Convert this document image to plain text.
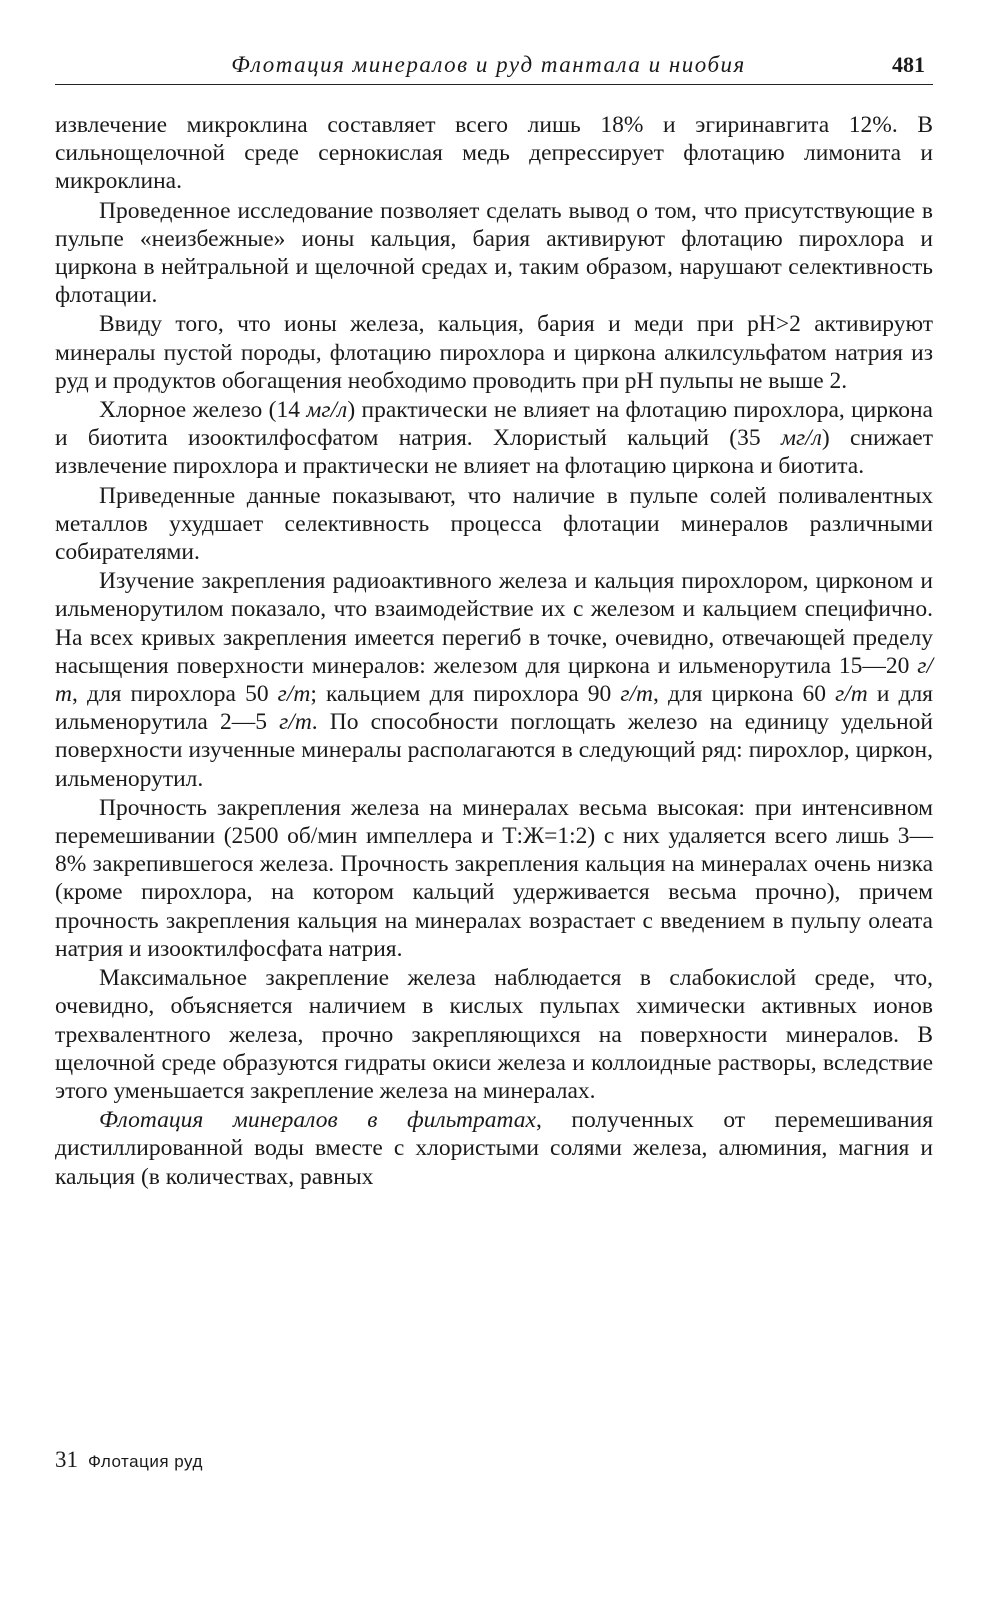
Флотация минералов и руд тантала и ниобия	481

извлечение микроклина составляет всего лишь 18% и эгиринавгита 12%. В сильнощелочной среде сернокислая медь депрессирует флотацию лимонита и микроклина.

Проведенное исследование позволяет сделать вывод о том, что присутствующие в пульпе «неизбежные» ионы кальция, бария активируют флотацию пирохлора и циркона в нейтральной и щелочной средах и, таким образом, нарушают селективность флотации.

Ввиду того, что ионы железа, кальция, бария и меди при pH>2 активируют минералы пустой породы, флотацию пирохлора и циркона алкилсульфатом натрия из руд и продуктов обогащения необходимо проводить при pH пульпы не выше 2.

Хлорное железо (14 мг/л) практически не влияет на флотацию пирохлора, циркона и биотита изооктилфосфатом натрия. Хлористый кальций (35 мг/л) снижает извлечение пирохлора и практически не влияет на флотацию циркона и биотита.

Приведенные данные показывают, что наличие в пульпе солей поливалентных металлов ухудшает селективность процесса флотации минералов различными собирателями.

Изучение закрепления радиоактивного железа и кальция пирохлором, цирконом и ильменорутилом показало, что взаимодействие их с железом и кальцием специфично. На всех кривых закрепления имеется перегиб в точке, очевидно, отвечающей пределу насыщения поверхности минералов: железом для циркона и ильменорутила 15—20 г/т, для пирохлора 50 г/т; кальцием для пирохлора 90 г/т, для циркона 60 г/т и для ильменорутила 2—5 г/т. По способности поглощать железо на единицу удельной поверхности изученные минералы располагаются в следующий ряд: пирохлор, циркон, ильменорутил.

Прочность закрепления железа на минералах весьма высокая: при интенсивном перемешивании (2500 об/мин импеллера и Т:Ж=1:2) с них удаляется всего лишь 3—8% закрепившегося железа. Прочность закрепления кальция на минералах очень низка (кроме пирохлора, на котором кальций удерживается весьма прочно), причем прочность закрепления кальция на минералах возрастает с введением в пульпу олеата натрия и изооктилфосфата натрия.

Максимальное закрепление железа наблюдается в слабокислой среде, что, очевидно, объясняется наличием в кислых пульпах химически активных ионов трехвалентного железа, прочно закрепляющихся на поверхности минералов. В щелочной среде образуются гидраты окиси железа и коллоидные растворы, вследствие этого уменьшается закрепление железа на минералах.

Флотация минералов в фильтратах, полученных от перемешивания дистиллированной воды вместе с хлористыми солями железа, алюминия, магния и кальция (в количествах, равных

31 Флотация руд
